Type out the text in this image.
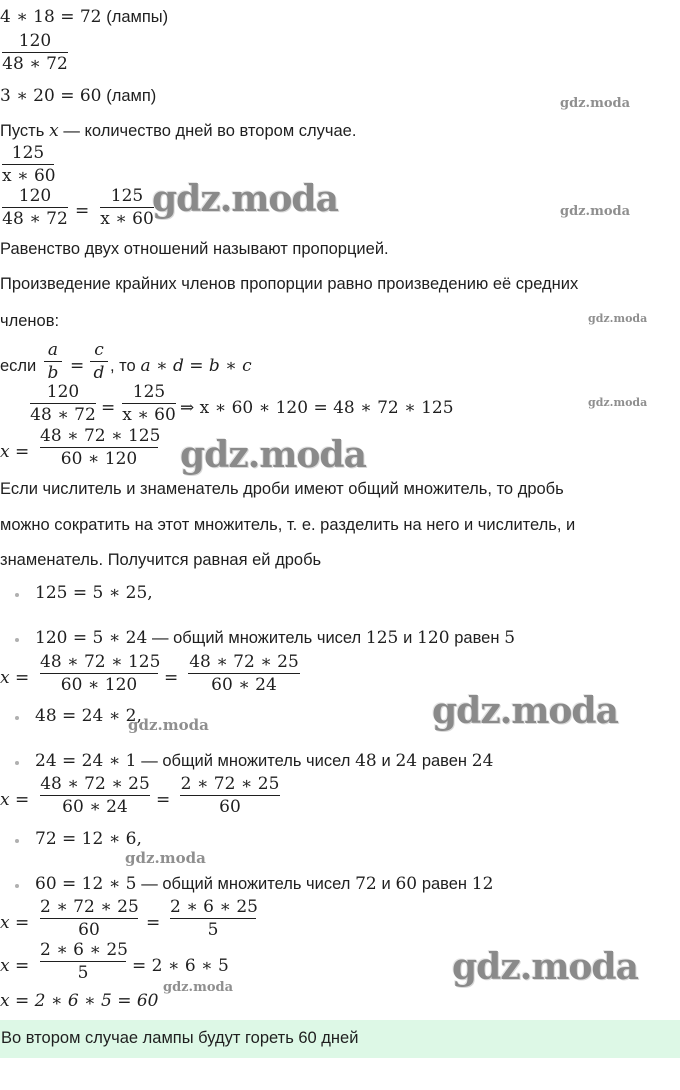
4 ∗ 18 = 72 (лампы)
120
48 ∗ 72
3 ∗ 20 = 60 (ламп)	gdz.moda
Пусть x — количество дней во втором случае.
125
x ∗ 60
120
48 ∗ 72 =
125
x ∗ 60
gdz.moda	gdz.moda
Равенство двух отношений называют пропорцией.
Произведение крайних членов пропорции равно произведению её средних
членов:	gdz.moda
если
a
b =
c
d , то a ∗ d = b ∗ c
120
48 ∗ 72 =
125
x ∗ 60 ⇒ x ∗ 60 ∗ 120 = 48 ∗ 72 ∗ 125	gdz.moda
x =
48 ∗ 72 ∗ 125
60 ∗ 120	gdz.moda
Если числитель и знаменатель дроби имеют общий множитель, то дробь
можно сократить на этот множитель, т. е. разделить на него и числитель, и
знаменатель. Получится равная ей дробь
125 = 5 ∗ 25,
120 = 5 ∗ 24 — общий множитель чисел 125 и 120 равен 5
x =
48 ∗ 72 ∗ 125
60 ∗ 120	=
48 ∗ 72 ∗ 25
60 ∗ 24
48 = 24 ∗ 2,
gdz.moda	gdz.moda
24 = 24 ∗ 1 — общий множитель чисел 48 и 24 равен 24
x =
48 ∗ 72 ∗ 25
60 ∗ 24	=
2 ∗ 72 ∗ 25
60
72 = 12 ∗ 6,
gdz.moda
60 = 12 ∗ 5 — общий множитель чисел 72 и 60 равен 12
x =
2 ∗ 72 ∗ 25
60	=
2 ∗ 6 ∗ 25
5
x =
2 ∗ 6 ∗ 25
5	= 2 ∗ 6 ∗ 5	gdz.moda
x = 2 ∗ 6 ∗ 5 = 60
gdz.moda
Во втором случае лампы будут гореть 60 дней
